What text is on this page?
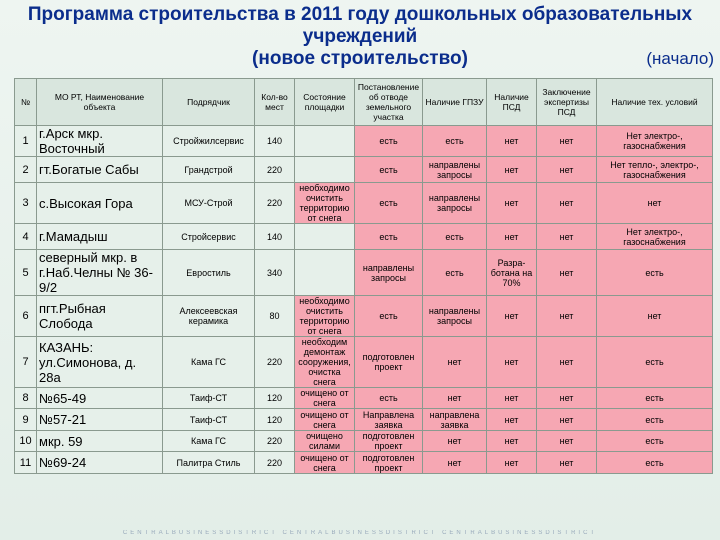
Программа строительства в 2011 году дошкольных образовательных
учреждений

(новое строительство)	(начало)
№	МО РТ, Наименование объекта	Подрядчик	Кол-во мест	Состояние площадки	Постановление об отводе земельного участка	Наличие ГПЗУ	Наличие ПСД	Заключение экспертизы ПСД	Наличие тех. условий
1	г.Арск мкр. Восточный	Стройжилсервис	140		есть	есть	нет	нет	Нет электро-, газоснабжения
2	гт.Богатые Сабы	Грандстрой	220		есть	направлены запросы	нет	нет	Нет тепло-, электро-, газоснабжения
3	с.Высокая Гора	МСУ-Строй	220	необходимо очистить территорию от снега	есть	направлены запросы	нет	нет	нет
4	г.Мамадыш	Стройсервис	140		есть	есть	нет	нет	Нет электро-, газоснабжения
5	северный мкр. в г.Наб.Челны № 36-9/2	Евростиль	340		направлены запросы	есть	Разра- ботана на 70%	нет	есть
6	пгт.Рыбная Слобода	Алексеевская керамика	80	необходимо очистить территорию от снега	есть	направлены запросы	нет	нет	нет
7	КАЗАНЬ: ул.Симонова, д. 28а	Кама ГС	220	необходим демонтаж сооружения, очистка снега	подготовлен проект	нет	нет	нет	есть
8	№65-49	Таиф-СТ	120	очищено от снега	есть	нет	нет	нет	есть
9	№57-21	Таиф-СТ	120	очищено от снега	Направлена заявка	направлена заявка	нет	нет	есть
10	мкр. 59	Кама ГС	220	очищено силами	подготовлен проект	нет	нет	нет	есть
11	№69-24	Палитра Стиль	220	очищено от снега	подготовлен проект	нет	нет	нет	есть
CENTRALBUSINESSDISTRICT CENTRALBUSINESSDISTRICT CENTRALBUSINESSDISTRICT
